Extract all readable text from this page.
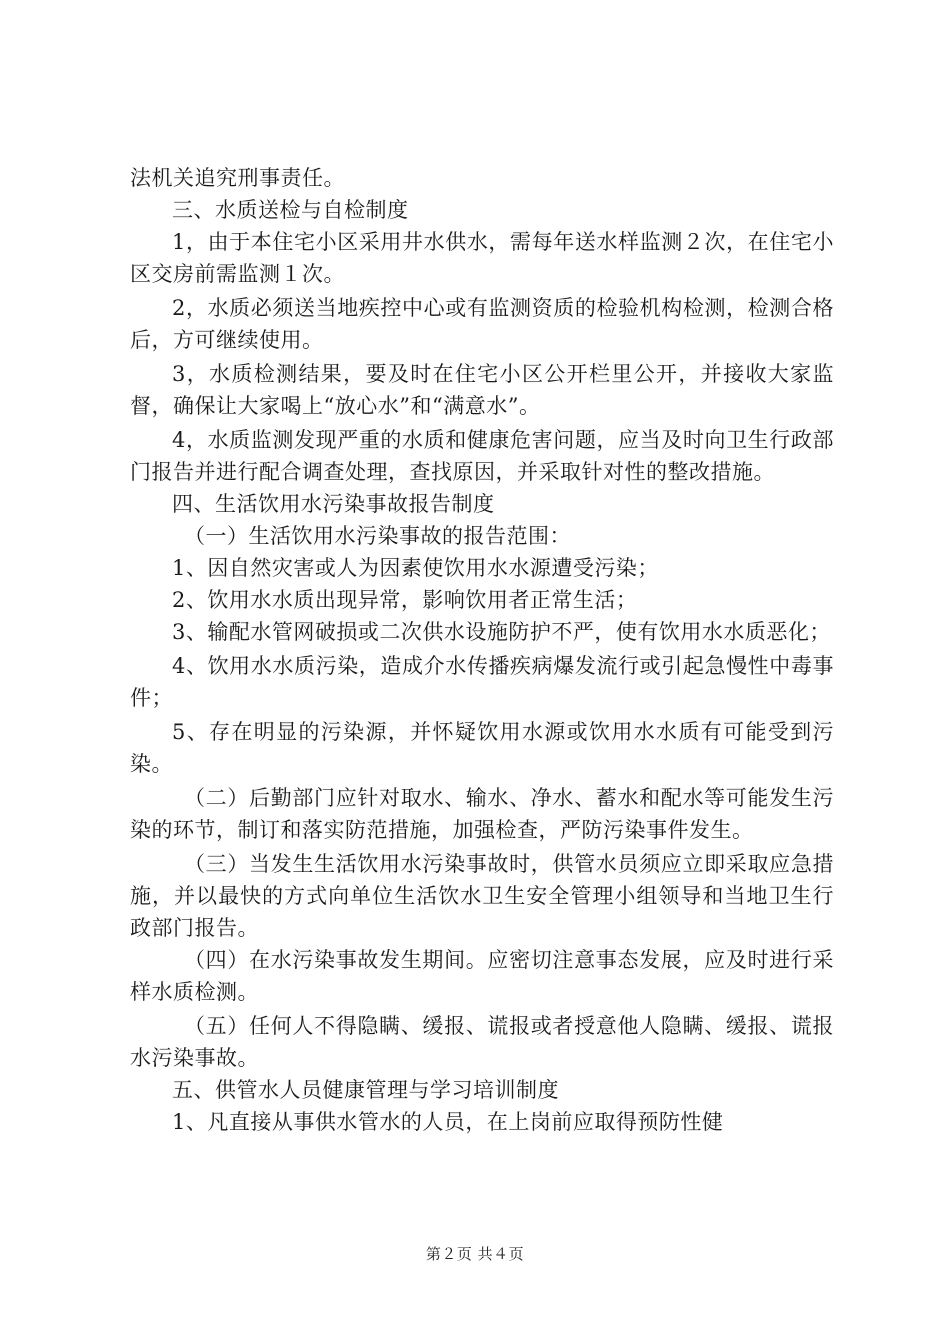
法机关追究刑事责任。

三、水质送检与自检制度

1，由于本住宅小区采用井水供水，需每年送水样监测２次，在住宅小区交房前需监测１次。

2，水质必须送当地疾控中心或有监测资质的检验机构检测，检测合格后，方可继续使用。

3，水质检测结果，要及时在住宅小区公开栏里公开，并接收大家监督，确保让大家喝上“放心水”和“满意水”。

4，水质监测发现严重的水质和健康危害问题，应当及时向卫生行政部门报告并进行配合调查处理，查找原因，并采取针对性的整改措施。

四、生活饮用水污染事故报告制度

（一）生活饮用水污染事故的报告范围：

1、因自然灾害或人为因素使饮用水水源遭受污染；

2、饮用水水质出现异常，影响饮用者正常生活；

3、输配水管网破损或二次供水设施防护不严，使有饮用水水质恶化；

4、饮用水水质污染，造成介水传播疾病爆发流行或引起急慢性中毒事件；

5、存在明显的污染源，并怀疑饮用水源或饮用水水质有可能受到污染。

（二）后勤部门应针对取水、输水、净水、蓄水和配水等可能发生污染的环节，制订和落实防范措施，加强检查，严防污染事件发生。

（三）当发生生活饮用水污染事故时，供管水员须应立即采取应急措施，并以最快的方式向单位生活饮水卫生安全管理小组领导和当地卫生行政部门报告。

（四）在水污染事故发生期间。应密切注意事态发展，应及时进行采样水质检测。

（五）任何人不得隐瞒、缓报、谎报或者授意他人隐瞒、缓报、谎报水污染事故。

五、供管水人员健康管理与学习培训制度

1、凡直接从事供水管水的人员，在上岗前应取得预防性健

第２页 共４页
